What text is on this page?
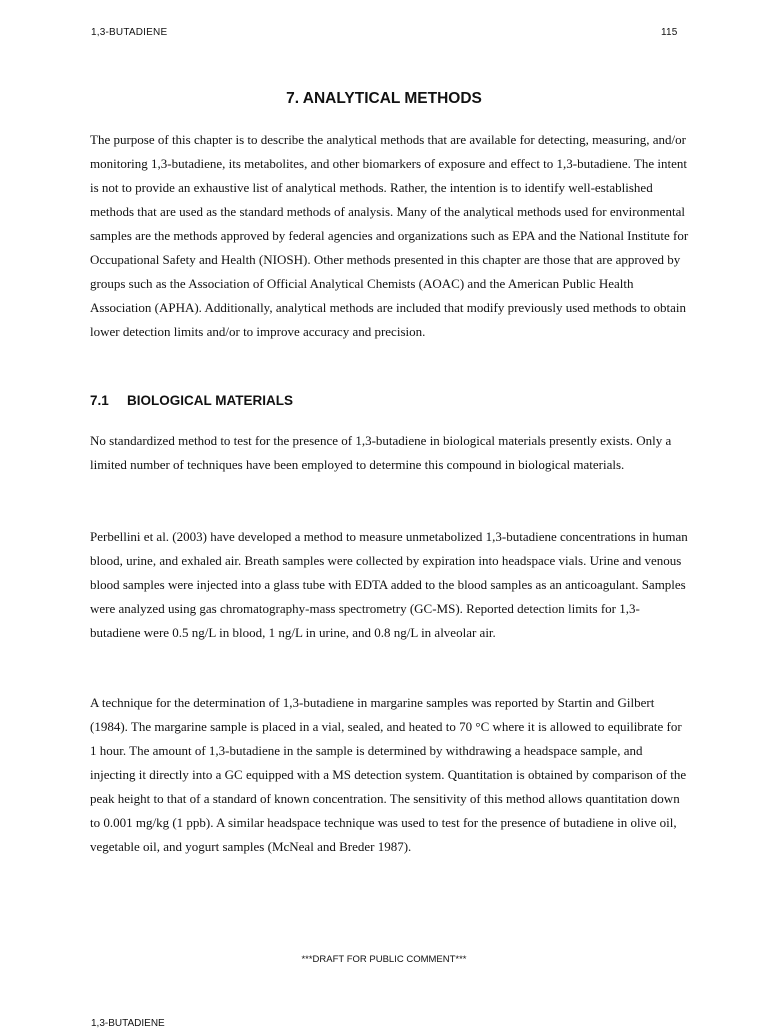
1,3-BUTADIENE	115
7. ANALYTICAL METHODS

The purpose of this chapter is to describe the analytical methods that are available for detecting, measuring, and/or monitoring 1,3-butadiene, its metabolites, and other biomarkers of exposure and effect to 1,3-butadiene. The intent is not to provide an exhaustive list of analytical methods. Rather, the intention is to identify well-established methods that are used as the standard methods of analysis. Many of the analytical methods used for environmental samples are the methods approved by federal agencies and organizations such as EPA and the National Institute for Occupational Safety and Health (NIOSH). Other methods presented in this chapter are those that are approved by groups such as the Association of Official Analytical Chemists (AOAC) and the American Public Health Association (APHA). Additionally, analytical methods are included that modify previously used methods to obtain lower detection limits and/or to improve accuracy and precision.

7.1 BIOLOGICAL MATERIALS

No standardized method to test for the presence of 1,3-butadiene in biological materials presently exists. Only a limited number of techniques have been employed to determine this compound in biological materials.

Perbellini et al. (2003) have developed a method to measure unmetabolized 1,3-butadiene concentrations in human blood, urine, and exhaled air. Breath samples were collected by expiration into headspace vials. Urine and venous blood samples were injected into a glass tube with EDTA added to the blood samples as an anticoagulant. Samples were analyzed using gas chromatography-mass spectrometry (GC-MS). Reported detection limits for 1,3-butadiene were 0.5 ng/L in blood, 1 ng/L in urine, and 0.8 ng/L in alveolar air.

A technique for the determination of 1,3-butadiene in margarine samples was reported by Startin and Gilbert (1984). The margarine sample is placed in a vial, sealed, and heated to 70 °C where it is allowed to equilibrate for 1 hour. The amount of 1,3-butadiene in the sample is determined by withdrawing a headspace sample, and injecting it directly into a GC equipped with a MS detection system. Quantitation is obtained by comparison of the peak height to that of a standard of known concentration. The sensitivity of this method allows quantitation down to 0.001 mg/kg (1 ppb). A similar headspace technique was used to test for the presence of butadiene in olive oil, vegetable oil, and yogurt samples (McNeal and Breder 1987).

***DRAFT FOR PUBLIC COMMENT***
1,3-BUTADIENE
